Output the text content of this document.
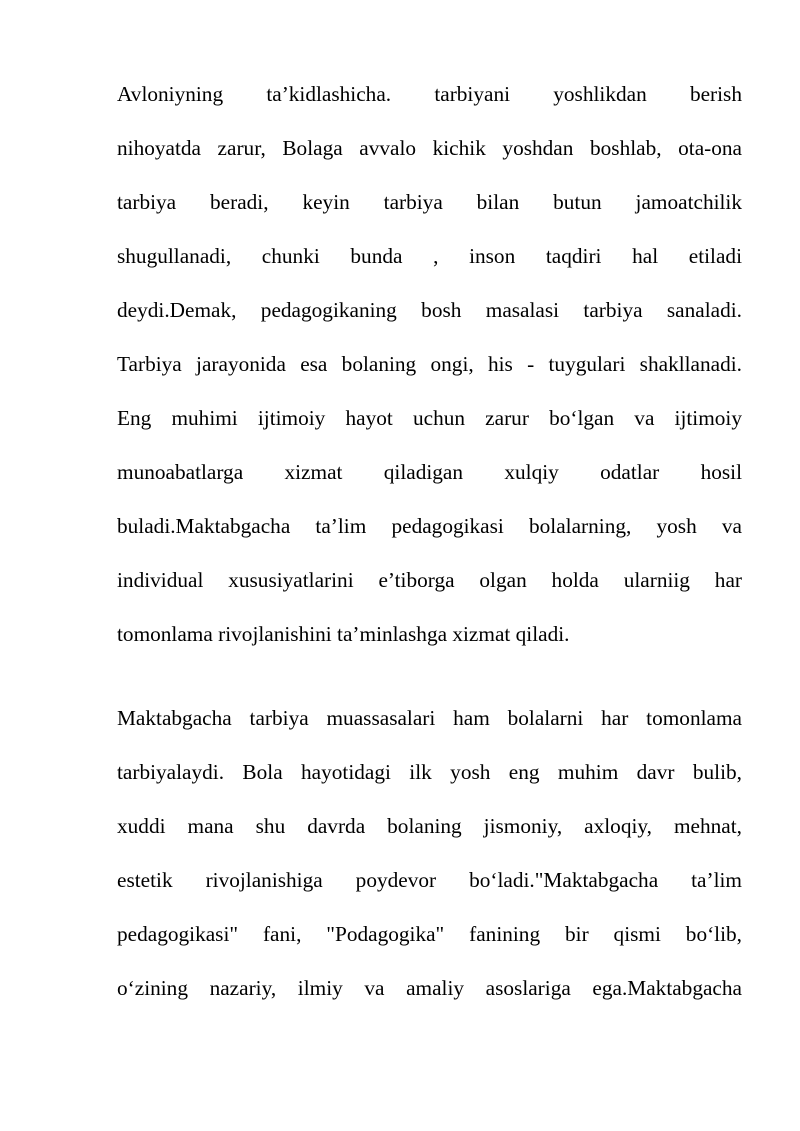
Avloniyning ta’kidlashicha. tarbiyani yoshlikdan berish
nihoyatda zarur, Bolaga avvalo kichik yoshdan boshlab, ota-ona
tarbiya beradi, keyin tarbiya bilan butun jamoatchilik
shugullanadi, chunki bunda , inson taqdiri hal etiladi
deydi.Demak, pedagogikaning bosh masalasi tarbiya sanaladi.
Tarbiya jarayonida esa bolaning ongi, his - tuygulari shakllanadi.
Eng muhimi ijtimoiy hayot uchun zarur bo‘lgan va ijtimoiy
munoabatlarga xizmat qiladigan xulqiy odatlar hosil
buladi.Maktabgacha ta’lim pedagogikasi bolalarning, yosh va
individual xususiyatlarini e’tiborga olgan holda ularniig har
tomonlama rivojlanishini ta’minlashga xizmat qiladi.
Maktabgacha tarbiya muassasalari ham bolalarni har tomonlama
tarbiyalaydi. Bola hayotidagi ilk yosh eng muhim davr bulib,
xuddi mana shu davrda bolaning jismoniy, axloqiy, mehnat,
estetik rivojlanishiga poydevor bo‘ladi."Maktabgacha ta’lim
pedagogikasi" fani, "Podagogika" fanining bir qismi bo‘lib,
o‘zining nazariy, ilmiy va amaliy asoslariga ega.Maktabgacha
